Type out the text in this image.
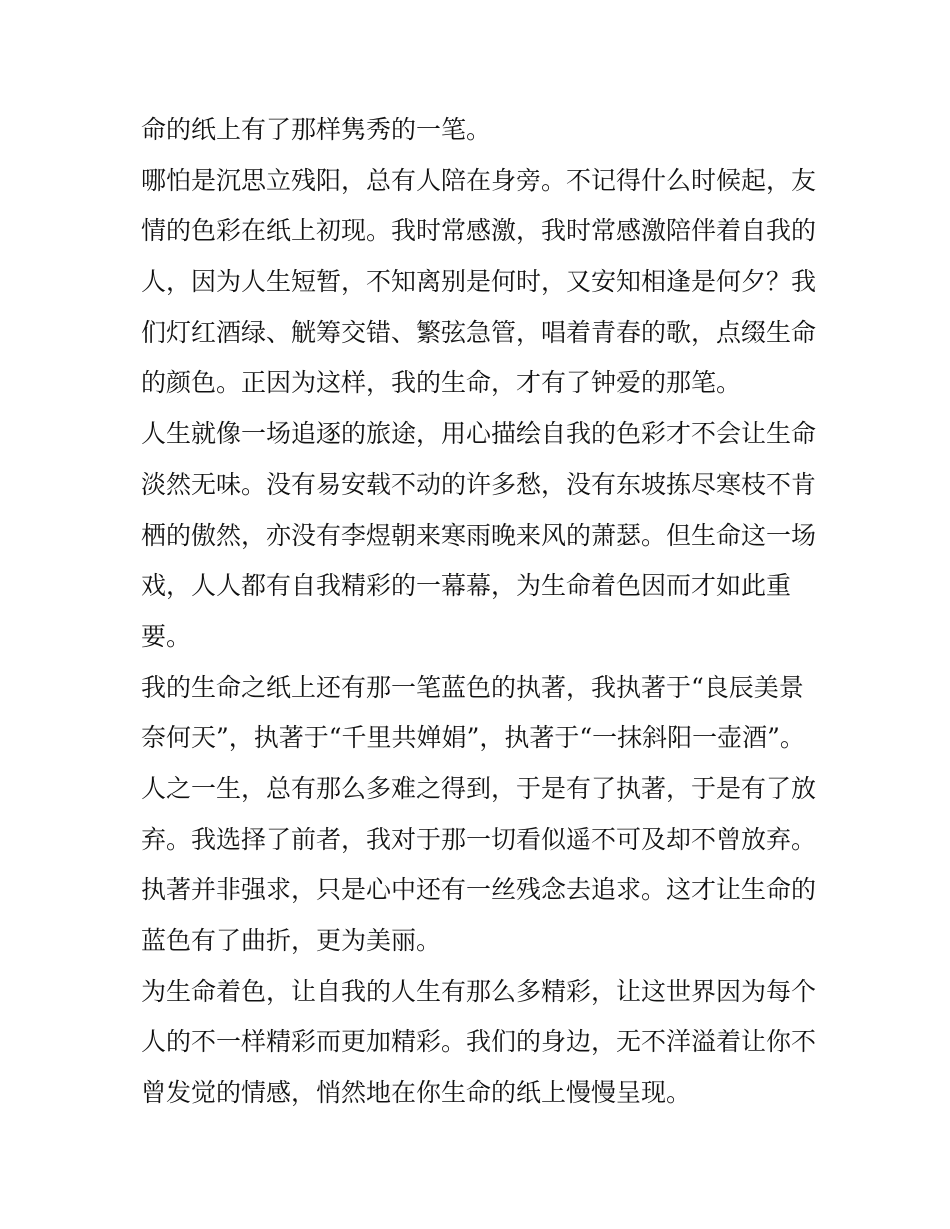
命的纸上有了那样隽秀的一笔。
哪怕是沉思立残阳，总有人陪在身旁。不记得什么时候起，友
情的色彩在纸上初现。我时常感激，我时常感激陪伴着自我的
人，因为人生短暂，不知离别是何时，又安知相逢是何夕？我
们灯红酒绿、觥筹交错、繁弦急管，唱着青春的歌，点缀生命
的颜色。正因为这样，我的生命，才有了钟爱的那笔。
人生就像一场追逐的旅途，用心描绘自我的色彩才不会让生命
淡然无味。没有易安载不动的许多愁，没有东坡拣尽寒枝不肯
栖的傲然，亦没有李煜朝来寒雨晚来风的萧瑟。但生命这一场
戏，人人都有自我精彩的一幕幕，为生命着色因而才如此重
要。
我的生命之纸上还有那一笔蓝色的执著，我执著于“良辰美景
奈何天”，执著于“千里共婵娟”，执著于“一抹斜阳一壶酒”。
人之一生，总有那么多难之得到，于是有了执著，于是有了放
弃。我选择了前者，我对于那一切看似遥不可及却不曾放弃。
执著并非强求，只是心中还有一丝残念去追求。这才让生命的
蓝色有了曲折，更为美丽。
为生命着色，让自我的人生有那么多精彩，让这世界因为每个
人的不一样精彩而更加精彩。我们的身边，无不洋溢着让你不
曾发觉的情感，悄然地在你生命的纸上慢慢呈现。
